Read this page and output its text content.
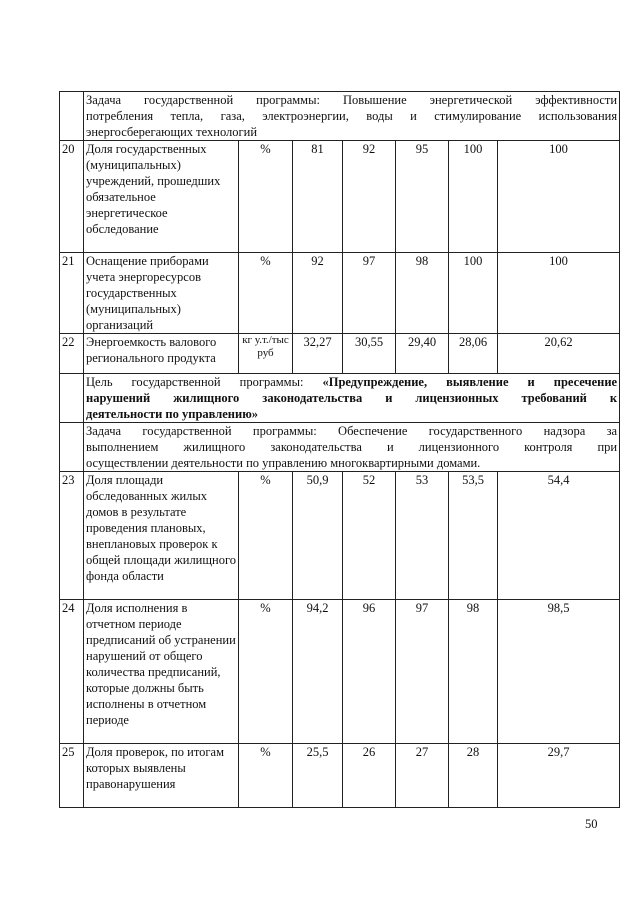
	Задача государственной программы: Повышение энергетической эффективности
потребления тепла, газа, электроэнергии, воды и стимулирование использования
энергосберегающих технологий						

20	Доля государственных (муниципальных) учреждений, прошедших обязательное энергетическое обследование	%	81	92	95	100	100
21	Оснащение приборами учета энергоресурсов государственных (муниципальных) организаций	%	92	97	98	100	100
22	Энергоемкость валового регионального продукта	кг у.т./тыс руб	32,27	30,55	29,40	28,06	20,62

	Цель государственной программы: «Предупреждение, выявление и пресечение
нарушений жилищного законодательства и лицензионных требований к
деятельности по управлению»						

	Задача государственной программы: Обеспечение государственного надзора за
выполнением жилищного законодательства и лицензионного контроля при
осуществлении деятельности по управлению многоквартирными домами.						

23	Доля площади обследованных жилых домов в результате проведения плановых, внеплановых проверок к общей площади жилищного фонда области	%	50,9	52	53	53,5	54,4
24	Доля исполнения в отчетном периоде предписаний об устранении нарушений от общего количества предписаний, которые должны быть исполнены в отчетном периоде	%	94,2	96	97	98	98,5
25	Доля проверок, по итогам которых выявлены правонарушения	%	25,5	26	27	28	29,7
50
